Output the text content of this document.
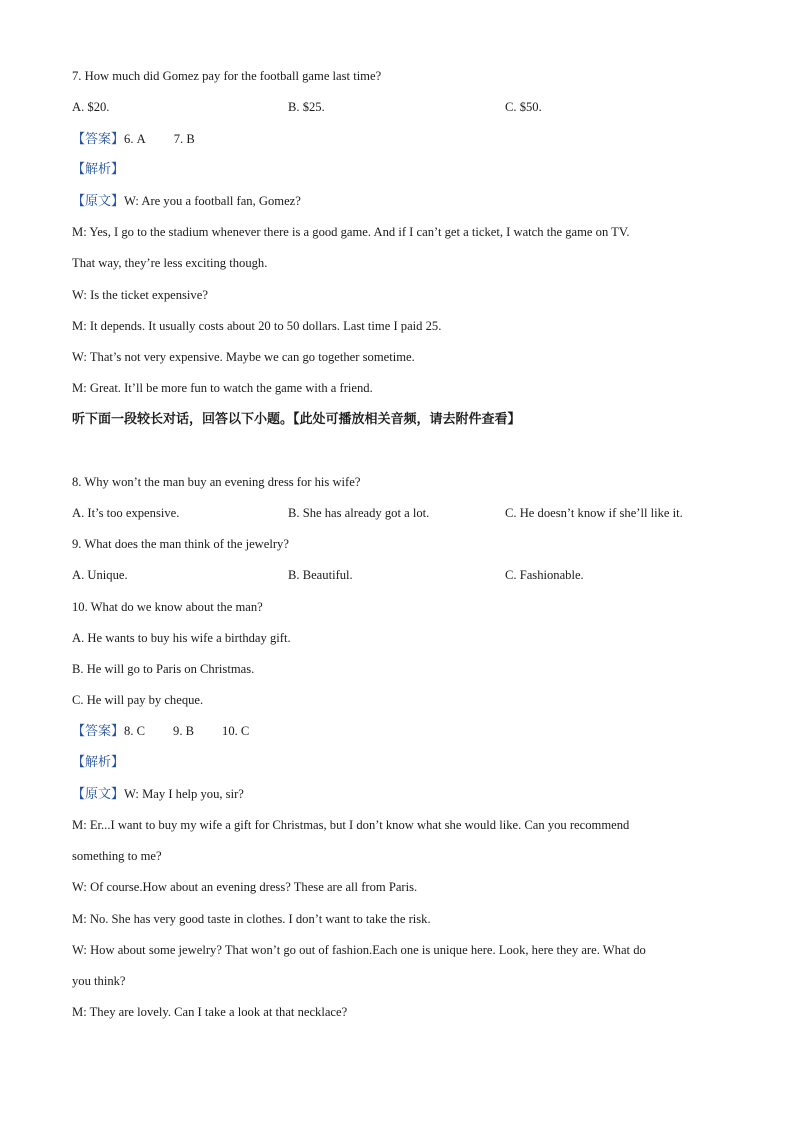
7. How much did Gomez pay for the football game last time?
A. $20.	B. $25.	C. $50.
【答案】6. A 7. B
【解析】
【原文】W: Are you a football fan, Gomez?
M: Yes, I go to the stadium whenever there is a good game. And if I can’t get a ticket, I watch the game on TV.
That way, they’re less exciting though.
W: Is the ticket expensive?
M: It depends. It usually costs about 20 to 50 dollars. Last time I paid 25.
W: That’s not very expensive. Maybe we can go together sometime.
M: Great. It’ll be more fun to watch the game with a friend.
听下面一段较长对话，回答以下小题。【此处可播放相关音频，请去附件查看】
8. Why won’t the man buy an evening dress for his wife?
A. It’s too expensive.	B. She has already got a lot.	C. He doesn’t know if she’ll like it.
9. What does the man think of the jewelry?
A. Unique.	B. Beautiful.	C. Fashionable.
10. What do we know about the man?
A. He wants to buy his wife a birthday gift.
B. He will go to Paris on Christmas.
C. He will pay by cheque.
【答案】8. C 9. B 10. C
【解析】
【原文】W: May I help you, sir?
M: Er...I want to buy my wife a gift for Christmas, but I don’t know what she would like. Can you recommend
something to me?
W: Of course.How about an evening dress? These are all from Paris.
M: No. She has very good taste in clothes. I don’t want to take the risk.
W: How about some jewelry? That won’t go out of fashion.Each one is unique here. Look, here they are. What do
you think?
M: They are lovely. Can I take a look at that necklace?
